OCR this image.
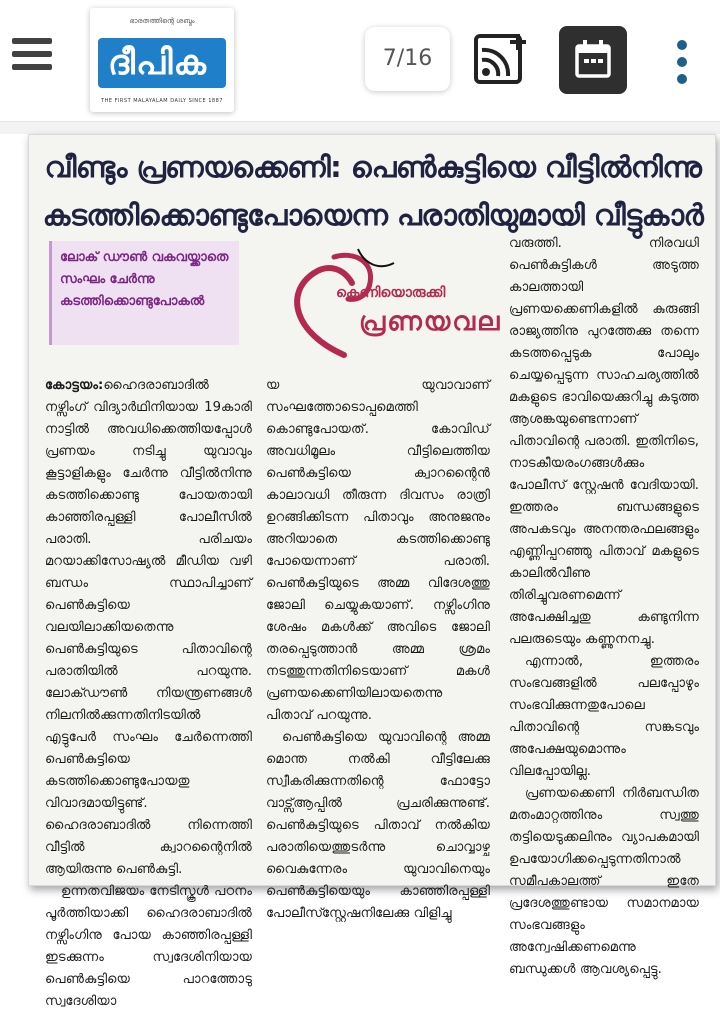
ഭാരതത്തിന്റെ ശബ്ദം
ദീപിക
THE FIRST MALAYALAM DAILY SINCE 1887
7/16
വീണ്ടും പ്രണയക്കെണി: പെൺകുട്ടിയെ വീട്ടിൽനിന്നു
കടത്തിക്കൊണ്ടുപോയെന്ന പരാതിയുമായി വീട്ടുകാർ

ലോക് ഡൗൺ വകവയ്ക്കാതെ സംഘം ചേർന്നു കടത്തിക്കൊണ്ടുപോകൽ

കെണിയൊരുക്കി
പ്രണയവല

കോട്ടയം:ഹൈദരാബാദിൽ നഴ്സിംഗ് വിദ്യാർഥിനിയായ 19കാരി നാട്ടിൽ അവധിക്കെത്തിയപ്പോൾ പ്രണയം നടിച്ചു യുവാവും കൂട്ടാളികളും ചേർന്നു വീട്ടിൽനിന്നു കടത്തിക്കൊണ്ടു പോയതായി കാഞ്ഞിരപ്പള്ളി പോലീസിൽ പരാതി. പരിചയം മറയാക്കിസോഷ്യൽ മീഡിയ വഴി ബന്ധം സ്ഥാപിച്ചാണ് പെൺകുട്ടിയെ വലയിലാക്കിയതെന്നു പെൺകുട്ടിയുടെ പിതാവിന്റെ പരാതിയിൽ പറയുന്നു. ലോക്ഡൗൺ നിയന്ത്രണങ്ങൾ നിലനിൽക്കുന്നതിനിടയിൽ എട്ടുപേർ സംഘം ചേർന്നെത്തി പെൺകുട്ടിയെ കടത്തിക്കൊണ്ടുപോയതു വിവാദമായിട്ടുണ്ട്. ഹൈദരാബാദിൽ നിന്നെത്തി വീട്ടിൽ ക്വാറന്റൈനിൽ ആയിരുന്നു പെൺകുട്ടി.

ഉന്നതവിജയം നേടിസ്കൂൾ പഠനം പൂർത്തിയാക്കി ഹൈദരാബാദിൽ നഴ്സിംഗിനു പോയ കാഞ്ഞിരപ്പള്ളി ഇടക്കുന്നം സ്വദേശിനിയായ പെൺകുട്ടിയെ പാറത്തോടു സ്വദേശിയാ

യ യുവാവാണ് സംഘത്തോടൊപ്പമെത്തി കൊണ്ടുപോയത്. കോവിഡ് അവധിമൂലം വീട്ടിലെത്തിയ പെൺകുട്ടിയെ ക്വാറന്റൈൻ കാലാവധി തീരുന്ന ദിവസം രാത്രി ഉറങ്ങിക്കിടന്ന പിതാവും അനുജനും അറിയാതെ കടത്തിക്കൊണ്ടു പോയെന്നാണ് പരാതി. പെൺകുട്ടിയുടെ അമ്മ വിദേശത്തു ജോലി ചെയ്യുകയാണ്. നഴ്സിംഗിനു ശേഷം മകൾക്ക് അവിടെ ജോലി തരപ്പെടുത്താൻ അമ്മ ശ്രമം നടത്തുന്നതിനിടെയാണ് മകൾ പ്രണയക്കെണിയിലായതെന്നു പിതാവ് പറയുന്നു.

പെൺകുട്ടിയെ യുവാവിന്റെ അമ്മ മൊന്ത നൽകി വീട്ടിലേക്കു സ്വീകരിക്കുന്നതിന്റെ ഫോട്ടോ വാട്സ്ആപ്പിൽ പ്രചരിക്കുന്നുണ്ട്. പെൺകുട്ടിയുടെ പിതാവ് നൽകിയ പരാതിയെത്തുടർന്നു ചൊവ്വാഴ്ച വൈകുന്നേരം യുവാവിനെയും പെൺകുട്ടിയെയും കാഞ്ഞിരപ്പള്ളി പോലീസ്സ്റ്റേഷനിലേക്കു വിളിച്ചു

വരുത്തി. നിരവധി പെൺകുട്ടികൾ അടുത്ത കാലത്തായി പ്രണയക്കെണികളിൽ കുരുങ്ങി രാജ്യത്തിനു പുറത്തേക്കു തന്നെ കടത്തപ്പെടുക പോലും ചെയ്യപ്പെടുന്ന സാഹചര്യത്തിൽ മകളുടെ ഭാവിയെക്കുറിച്ചു കടുത്ത ആശങ്കയുണ്ടെന്നാണ് പിതാവിന്റെ പരാതി. ഇതിനിടെ, നാടകീയരംഗങ്ങൾക്കും പോലീസ് സ്റ്റേഷൻ വേദിയായി. ഇത്തരം ബന്ധങ്ങളുടെ അപകടവും അനന്തരഫലങ്ങളും എണ്ണിപ്പറഞ്ഞു പിതാവ് മകളുടെ കാലിൽവീണു തിരിച്ചുവരണമെന്ന് അപേക്ഷിച്ചതു കണ്ടുനിന്ന പലരുടെയും കണ്ണുനനച്ചു.

എന്നാൽ, ഇത്തരം സംഭവങ്ങളിൽ പലപ്പോഴും സംഭവിക്കുന്നതുപോലെ പിതാവിന്റെ സങ്കടവും അപേക്ഷയുമൊന്നും വിലപ്പോയില്ല.

പ്രണയക്കെണി നിർബന്ധിത മതംമാറ്റത്തിനും സ്വത്തു തട്ടിയെടുക്കലിനും വ്യാപകമായി ഉപയോഗിക്കപ്പെടുന്നതിനാൽ സമീപകാലത്ത് ഇതേ പ്രദേശത്തുണ്ടായ സമാനമായ സംഭവങ്ങളും അന്വേഷിക്കണമെന്നു ബന്ധുക്കൾ ആവശ്യപ്പെട്ടു.
